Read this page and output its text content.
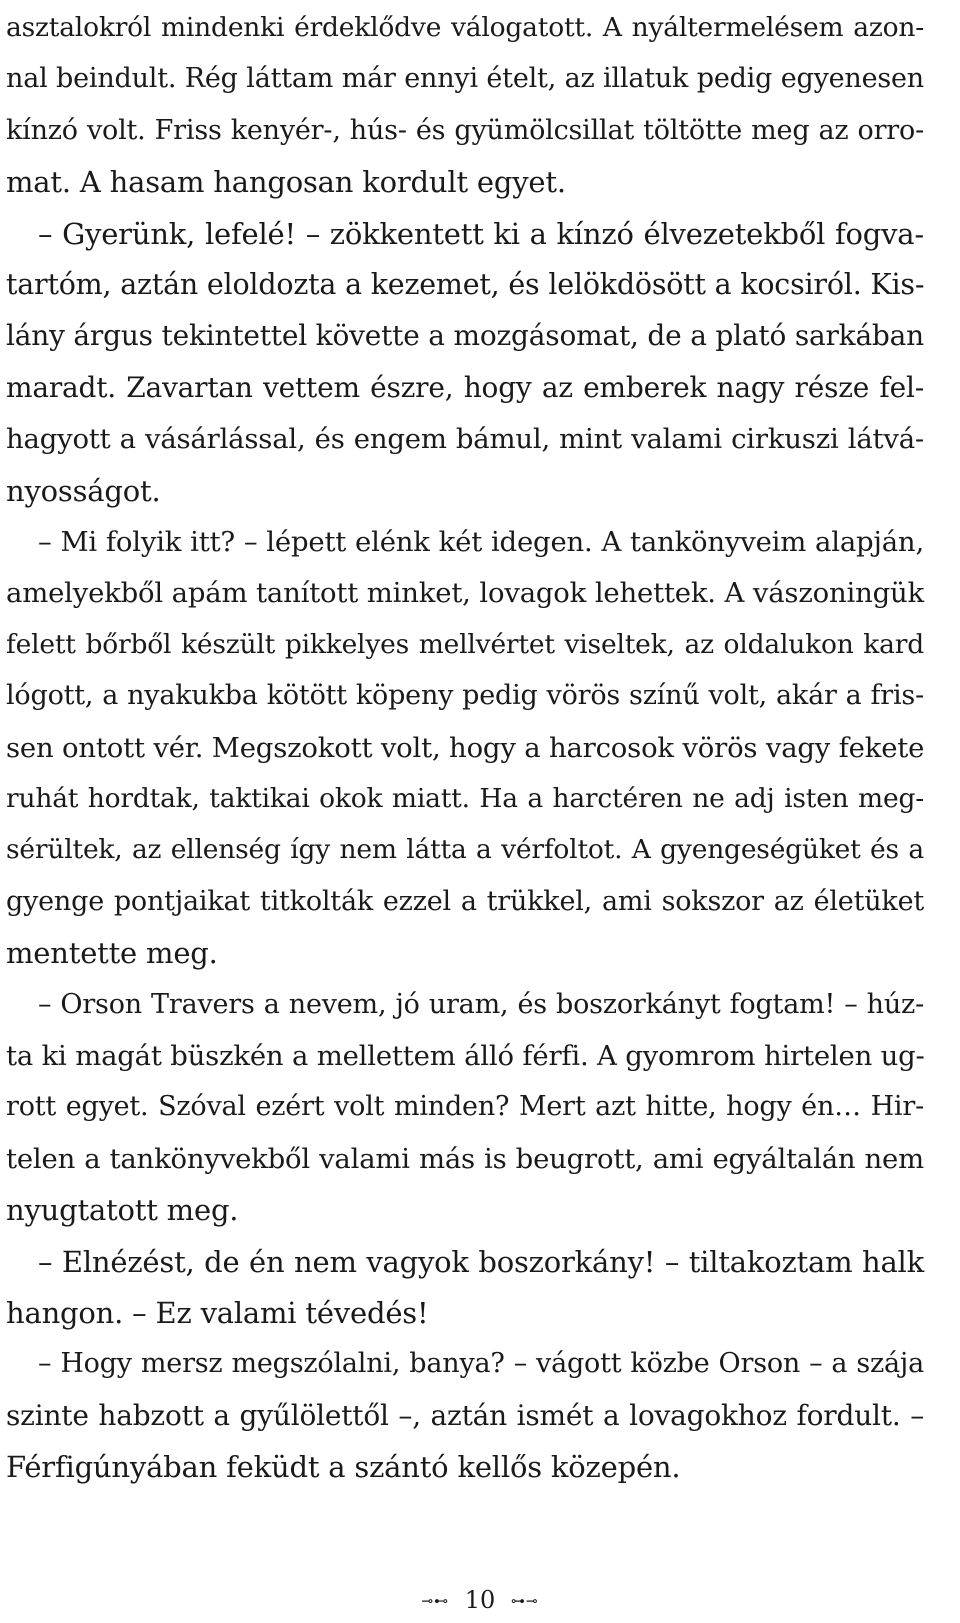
asztalokról mindenki érdeklődve válogatott. A nyáltermelésem azon-
nal beindult. Rég láttam már ennyi ételt, az illatuk pedig egyenesen
kínzó volt. Friss kenyér-, hús- és gyümölcsillat töltötte meg az orro-
mat. A hasam hangosan kordult egyet.
– Gyerünk, lefelé! – zökkentett ki a kínzó élvezetekből fogva-
tartóm, aztán eloldozta a kezemet, és lelökdösött a kocsiról. Kis-
lány árgus tekintettel követte a mozgásomat, de a plató sarkában
maradt. Zavartan vettem észre, hogy az emberek nagy része fel-
hagyott a vásárlással, és engem bámul, mint valami cirkuszi látvá-
nyosságot.
– Mi folyik itt? – lépett elénk két idegen. A tankönyveim alapján,
amelyekből apám tanított minket, lovagok lehettek. A vászoningük
felett bőrből készült pikkelyes mellvértet viseltek, az oldalukon kard
lógott, a nyakukba kötött köpeny pedig vörös színű volt, akár a fris-
sen ontott vér. Megszokott volt, hogy a harcosok vörös vagy fekete
ruhát hordtak, taktikai okok miatt. Ha a harctéren ne adj isten meg-
sérültek, az ellenség így nem látta a vérfoltot. A gyengeségüket és a
gyenge pontjaikat titkolták ezzel a trükkel, ami sokszor az életüket
mentette meg.
– Orson Travers a nevem, jó uram, és boszorkányt fogtam! – húz-
ta ki magát büszkén a mellettem álló férfi. A gyomrom hirtelen ug-
rott egyet. Szóval ezért volt minden? Mert azt hitte, hogy én… Hir-
telen a tankönyvekből valami más is beugrott, ami egyáltalán nem
nyugtatott meg.
– Elnézést, de én nem vagyok boszorkány! – tiltakoztam halk
hangon. – Ez valami tévedés!
– Hogy mersz megszólalni, banya? – vágott közbe Orson – a szája
szinte habzott a gyűlölettől –, aztán ismét a lovagokhoz fordult. –
Férfigúnyában feküdt a szántó kellős közepén.
⊸⊷ 10 ⊶⊸
